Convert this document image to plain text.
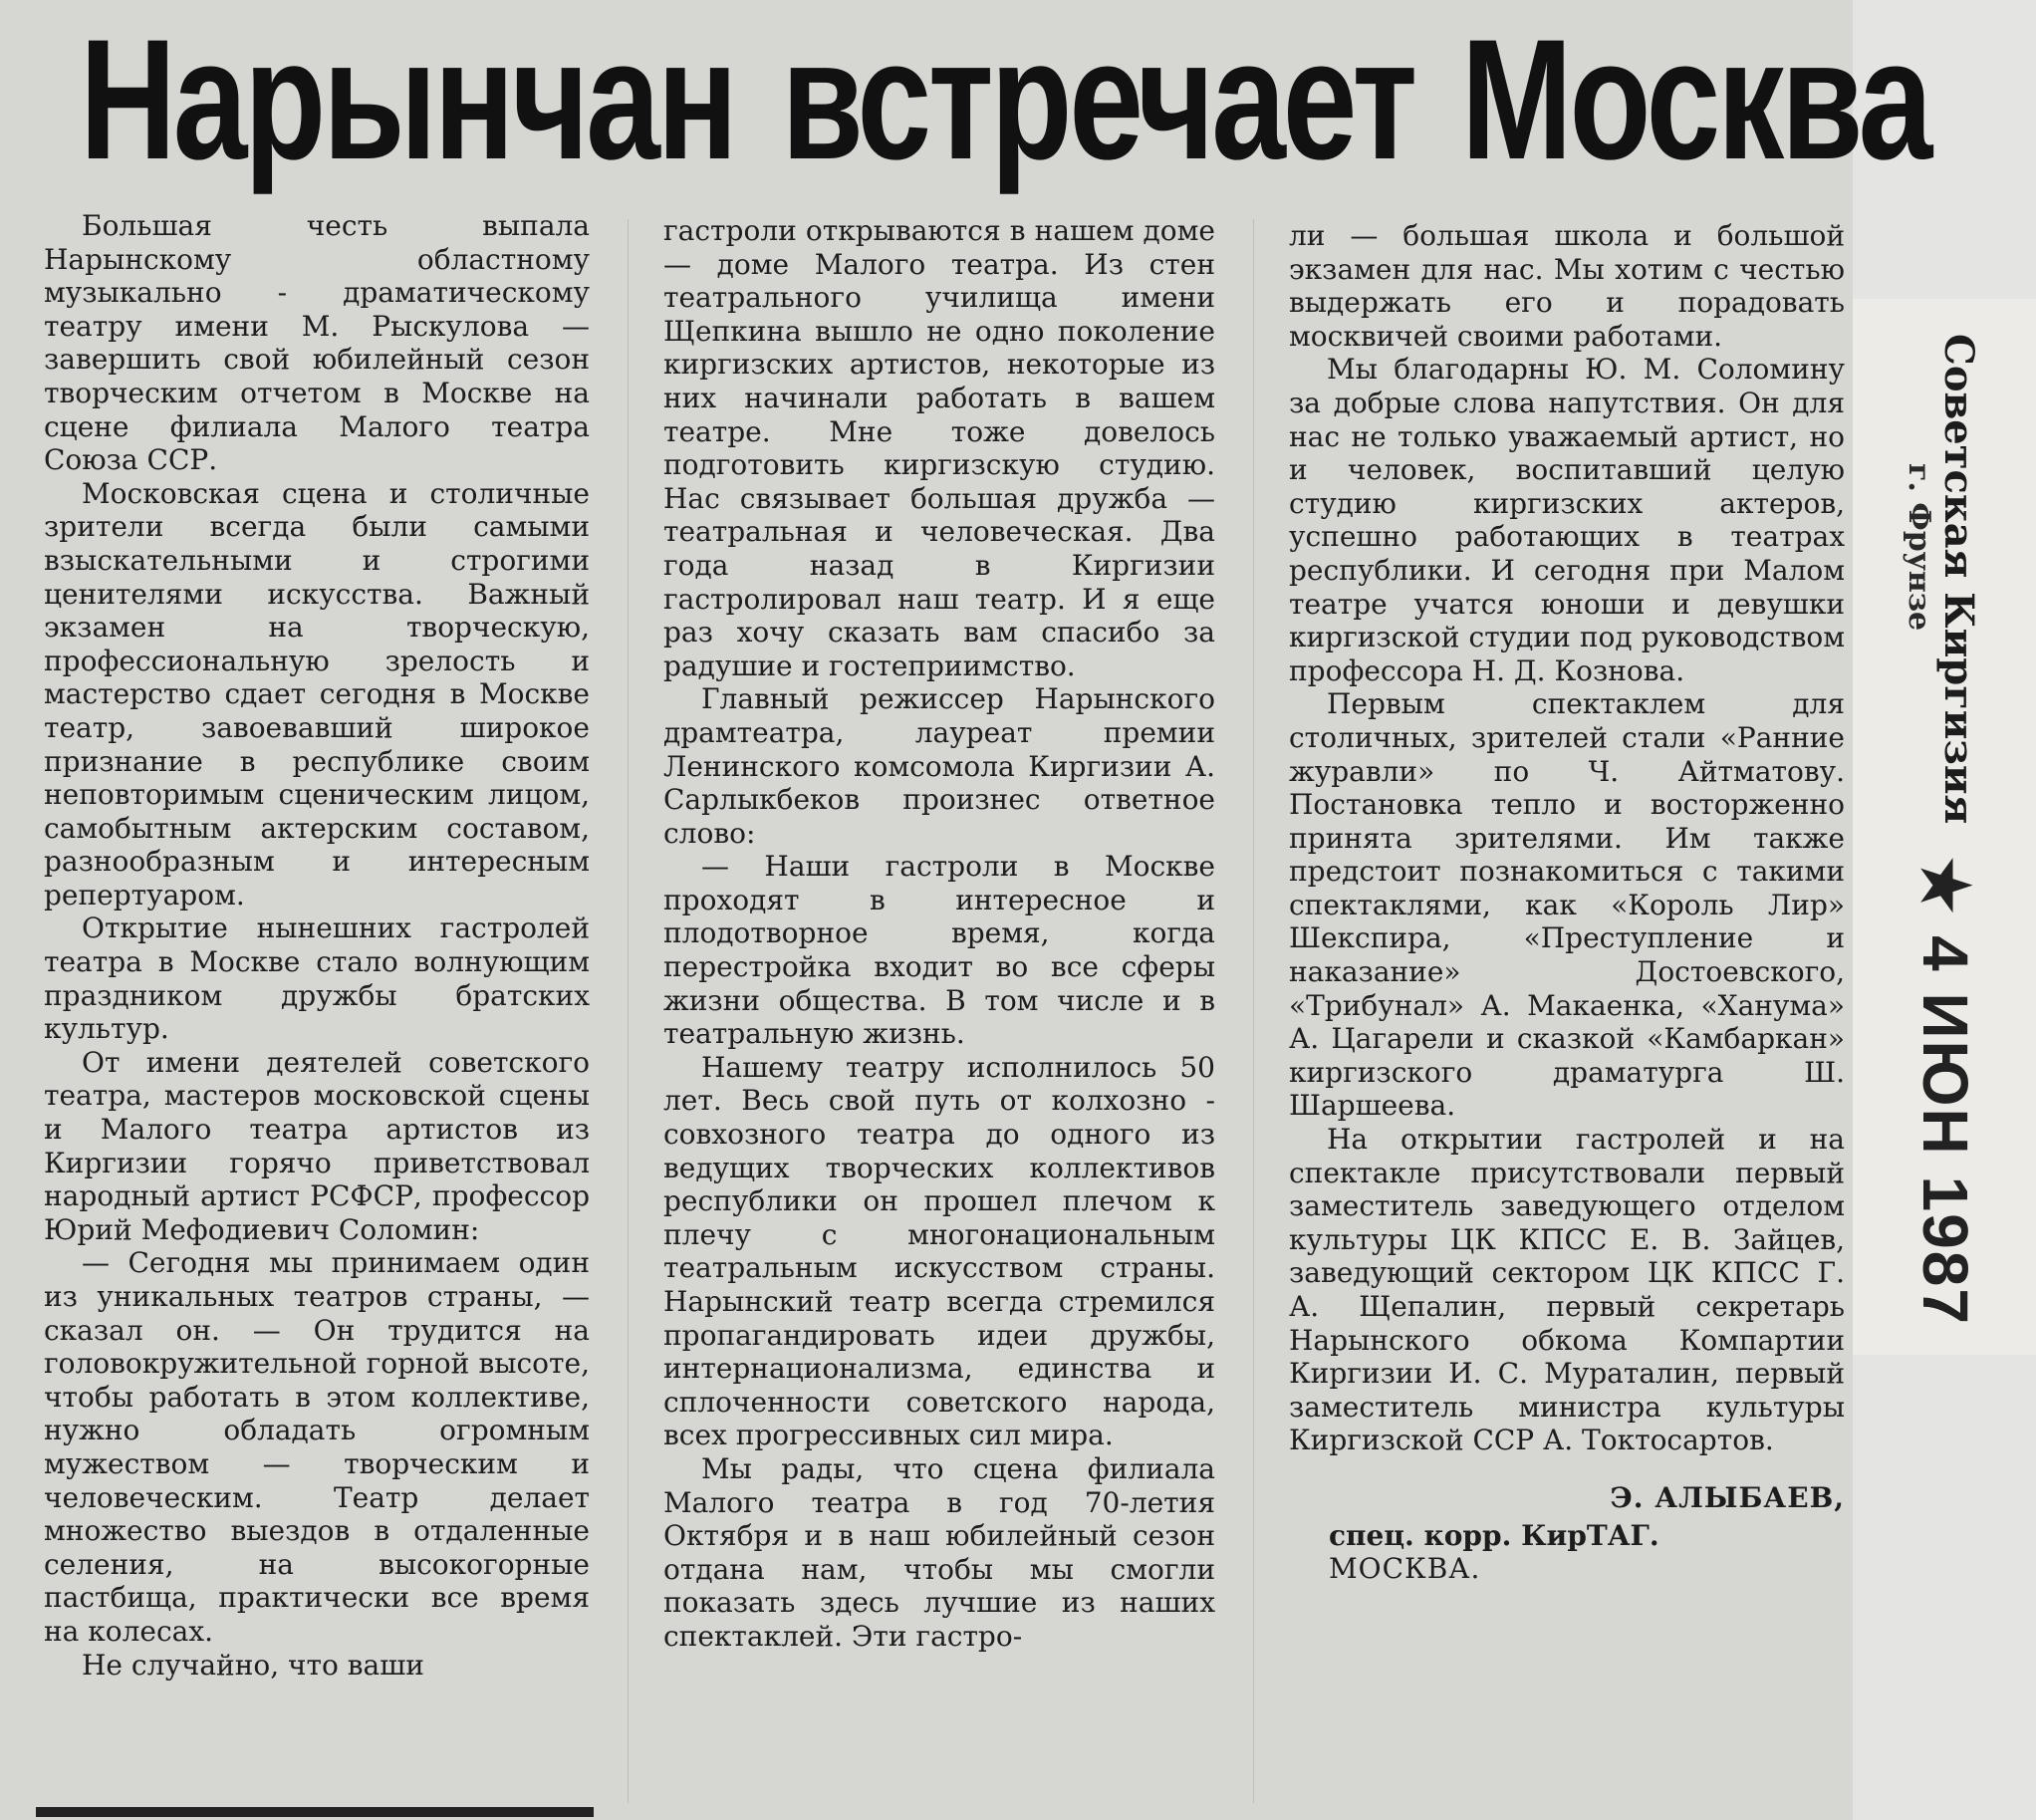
Нарынчан встречает Москва

Большая честь выпала Нарынскому областному музыкально - драматическому театру имени М. Рыскулова — завершить свой юбилейный сезон творческим отчетом в Москве на сцене филиала Малого театра Союза ССР.

Московская сцена и столичные зрители всегда были самыми взыскательными и строгими ценителями искусства. Важный экзамен на творческую, профессиональную зрелость и мастерство сдает сегодня в Москве театр, завоевавший широкое признание в республике своим неповторимым сценическим лицом, самобытным актерским составом, разнообразным и интересным репертуаром.

Открытие нынешних гастролей театра в Москве стало волнующим праздником дружбы братских культур.

От имени деятелей советского театра, мастеров московской сцены и Малого театра артистов из Киргизии горячо приветствовал народный артист РСФСР, профессор Юрий Мефодиевич Соломин:

— Сегодня мы принимаем один из уникальных театров страны, — сказал он. — Он трудится на головокружительной горной высоте, чтобы работать в этом коллективе, нужно обладать огромным мужеством — творческим и человеческим. Театр делает множество выездов в отдаленные селения, на высокогорные пастбища, практически все время на колесах.

Не случайно, что ваши

гастроли открываются в нашем доме — доме Малого театра. Из стен театрального училища имени Щепкина вышло не одно поколение киргизских артистов, некоторые из них начинали работать в вашем театре. Мне тоже довелось подготовить киргизскую студию. Нас связывает большая дружба — театральная и человеческая. Два года назад в Киргизии гастролировал наш театр. И я еще раз хочу сказать вам спасибо за радушие и гостеприимство.

Главный режиссер Нарынского драмтеатра, лауреат премии Ленинского комсомола Киргизии А. Сарлыкбеков произнес ответное слово:

— Наши гастроли в Москве проходят в интересное и плодотворное время, когда перестройка входит во все сферы жизни общества. В том числе и в театральную жизнь.

Нашему театру исполнилось 50 лет. Весь свой путь от колхозно - совхозного театра до одного из ведущих творческих коллективов республики он прошел плечом к плечу с многонациональным театральным искусством страны. Нарынский театр всегда стремился пропагандировать идеи дружбы, интернационализма, единства и сплоченности советского народа, всех прогрессивных сил мира.

Мы рады, что сцена филиала Малого театра в год 70-летия Октября и в наш юбилейный сезон отдана нам, чтобы мы смогли показать здесь лучшие из наших спектаклей. Эти гастро-

ли — большая школа и большой экзамен для нас. Мы хотим с честью выдержать его и порадовать москвичей своими работами.

Мы благодарны Ю. М. Соломину за добрые слова напутствия. Он для нас не только уважаемый артист, но и человек, воспитавший целую студию киргизских актеров, успешно работающих в театрах республики. И сегодня при Малом театре учатся юноши и девушки киргизской студии под руководством профессора Н. Д. Кознова.

Первым спектаклем для столичных, зрителей стали «Ранние журавли» по Ч. Айтматову. Постановка тепло и восторженно принята зрителями. Им также предстоит познакомиться с такими спектаклями, как «Король Лир» Шекспира, «Преступление и наказание» Достоевского, «Трибунал» А. Макаенка, «Ханума» А. Цагарели и сказкой «Камбаркан» киргизского драматурга Ш. Шаршеева.

На открытии гастролей и на спектакле присутствовали первый заместитель заведующего отделом культуры ЦК КПСС Е. В. Зайцев, заведующий сектором ЦК КПСС Г. А. Щепалин, первый секретарь Нарынского обкома Компартии Киргизии И. С. Мураталин, первый заместитель министра культуры Киргизской ССР А. Токтосартов.

Э. АЛЫБАЕВ,
спец. корр. КирТАГ.
МОСКВА.
Советская Киргизия
г. Фрунзе
★ 4 ИЮН 1987
